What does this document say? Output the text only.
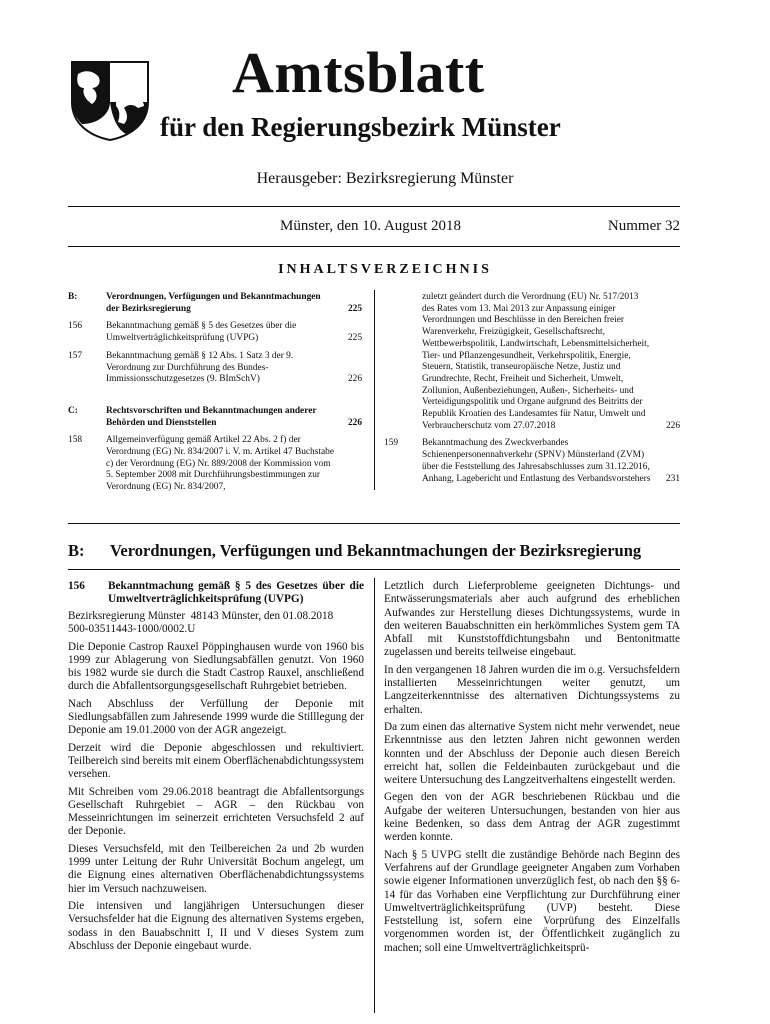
Amtsblatt
für den Regierungsbezirk Münster
Herausgeber: Bezirksregierung Münster
Münster, den 10. August 2018	Nummer 32
INHALTSVERZEICHNIS
B:	Verordnungen, Verfügungen und Bekanntmachungen der Bezirksregierung	225
156	Bekanntmachung gemäß § 5 des Gesetzes über die Umweltverträglichkeitsprüfung (UVPG)	225
157	Bekanntmachung gemäß § 12 Abs. 1 Satz 3 der 9. Verordnung zur Durchführung des Bundes-Immissionsschutzgesetzes (9. BImSchV)	226
C:	Rechtsvorschriften und Bekanntmachungen anderer Behörden und Dienststellen	226
158	Allgemeinverfügung gemäß Artikel 22 Abs. 2 f) der Verordnung (EG) Nr. 834/2007 i. V. m. Artikel 47 Buchstabe c) der Verordnung (EG) Nr. 889/2008 der Kommission vom 5. September 2008 mit Durchführungsbestimmungen zur Verordnung (EG) Nr. 834/2007,
zuletzt geändert durch die Verordnung (EU) Nr. 517/2013 des Rates vom 13. Mai 2013 zur Anpassung einiger Verordnungen und Beschlüsse in den Bereichen freier Warenverkehr, Freizügigkeit, Gesellschaftsrecht, Wettbewerbspolitik, Landwirtschaft, Lebensmittelsicherheit, Tier- und Pflanzengesundheit, Verkehrspolitik, Energie, Steuern, Statistik, transeuropäische Netze, Justiz und Grundrechte, Recht, Freiheit und Sicherheit, Umwelt, Zollunion, Außenbeziehungen, Außen-, Sicherheits- und Verteidigungspolitik und Organe aufgrund des Beitritts der Republik Kroatien des Landesamtes für Natur, Umwelt und Verbraucherschutz vom 27.07.2018	226
159	Bekanntmachung des Zweckverbandes Schienenpersonennahverkehr (SPNV) Münsterland (ZVM) über die Feststellung des Jahresabschlusses zum 31.12.2016, Anhang, Lagebericht und Entlastung des Verbandsvorstehers	231
B: Verordnungen, Verfügungen und Bekanntmachungen der Bezirksregierung
156	Bekanntmachung gemäß § 5 des Gesetzes über die Umweltverträglichkeitsprüfung (UVPG)
Bezirksregierung Münster  48143 Münster, den 01.08.2018
500-03511443-1000/0002.U

Die Deponie Castrop Rauxel Pöppinghausen wurde von 1960 bis 1999 zur Ablagerung von Siedlungsabfällen genutzt. Von 1960 bis 1982 wurde sie durch die Stadt Castrop Rauxel, anschließend durch die Abfallentsorgungsgesellschaft Ruhrgebiet betrieben.

Nach Abschluss der Verfüllung der Deponie mit Siedlungsabfällen zum Jahresende 1999 wurde die Stilllegung der Deponie am 19.01.2000 von der AGR angezeigt.

Derzeit wird die Deponie abgeschlossen und rekultiviert. Teilbereich sind bereits mit einem Oberflächenabdichtungssystem versehen.

Mit Schreiben vom 29.06.2018 beantragt die Abfallentsorgungs Gesellschaft Ruhrgebiet – AGR – den Rückbau von Messeinrichtungen im seinerzeit errichteten Versuchsfeld 2 auf der Deponie.

Dieses Versuchsfeld, mit den Teilbereichen 2a und 2b wurden 1999 unter Leitung der Ruhr Universität Bochum angelegt, um die Eignung eines alternativen Oberflächenabdichtungssystems hier im Versuch nachzuweisen.

Die intensiven und langjährigen Untersuchungen dieser Versuchsfelder hat die Eignung des alternativen Systems ergeben, sodass in den Bauabschnitt I, II und V dieses System zum Abschluss der Deponie eingebaut wurde.

Letztlich durch Lieferprobleme geeigneten Dichtungs- und Entwässerungsmaterials aber auch aufgrund des erheblichen Aufwandes zur Herstellung dieses Dichtungssystems, wurde in den weiteren Bauabschnitten ein herkömmliches System gem TA Abfall mit Kunststoffdichtungsbahn und Bentonitmatte zugelassen und bereits teilweise eingebaut.

In den vergangenen 18 Jahren wurden die im o.g. Versuchsfeldern installierten Messeinrichtungen weiter genutzt, um Langzeiterkenntnisse des alternativen Dichtungssystems zu erhalten.

Da zum einen das alternative System nicht mehr verwendet, neue Erkenntnisse aus den letzten Jahren nicht gewonnen werden konnten und der Abschluss der Deponie auch diesen Bereich erreicht hat, sollen die Feldeinbauten zurückgebaut und die weitere Untersuchung des Langzeitverhaltens eingestellt werden.

Gegen den von der AGR beschriebenen Rückbau und die Aufgabe der weiteren Untersuchungen, bestanden von hier aus keine Bedenken, so dass dem Antrag der AGR zugestimmt werden konnte.

Nach § 5 UVPG stellt die zuständige Behörde nach Beginn des Verfahrens auf der Grundlage geeigneter Angaben zum Vorhaben sowie eigener Informationen unverzüglich fest, ob nach den §§ 6-14 für das Vorhaben eine Verpflichtung zur Durchführung einer Umweltverträglichkeitsprüfung (UVP) besteht. Diese Feststellung ist, sofern eine Vorprüfung des Einzelfalls vorgenommen worden ist, der Öffentlichkeit zugänglich zu machen; soll eine Umweltverträglichkeitsprü-
